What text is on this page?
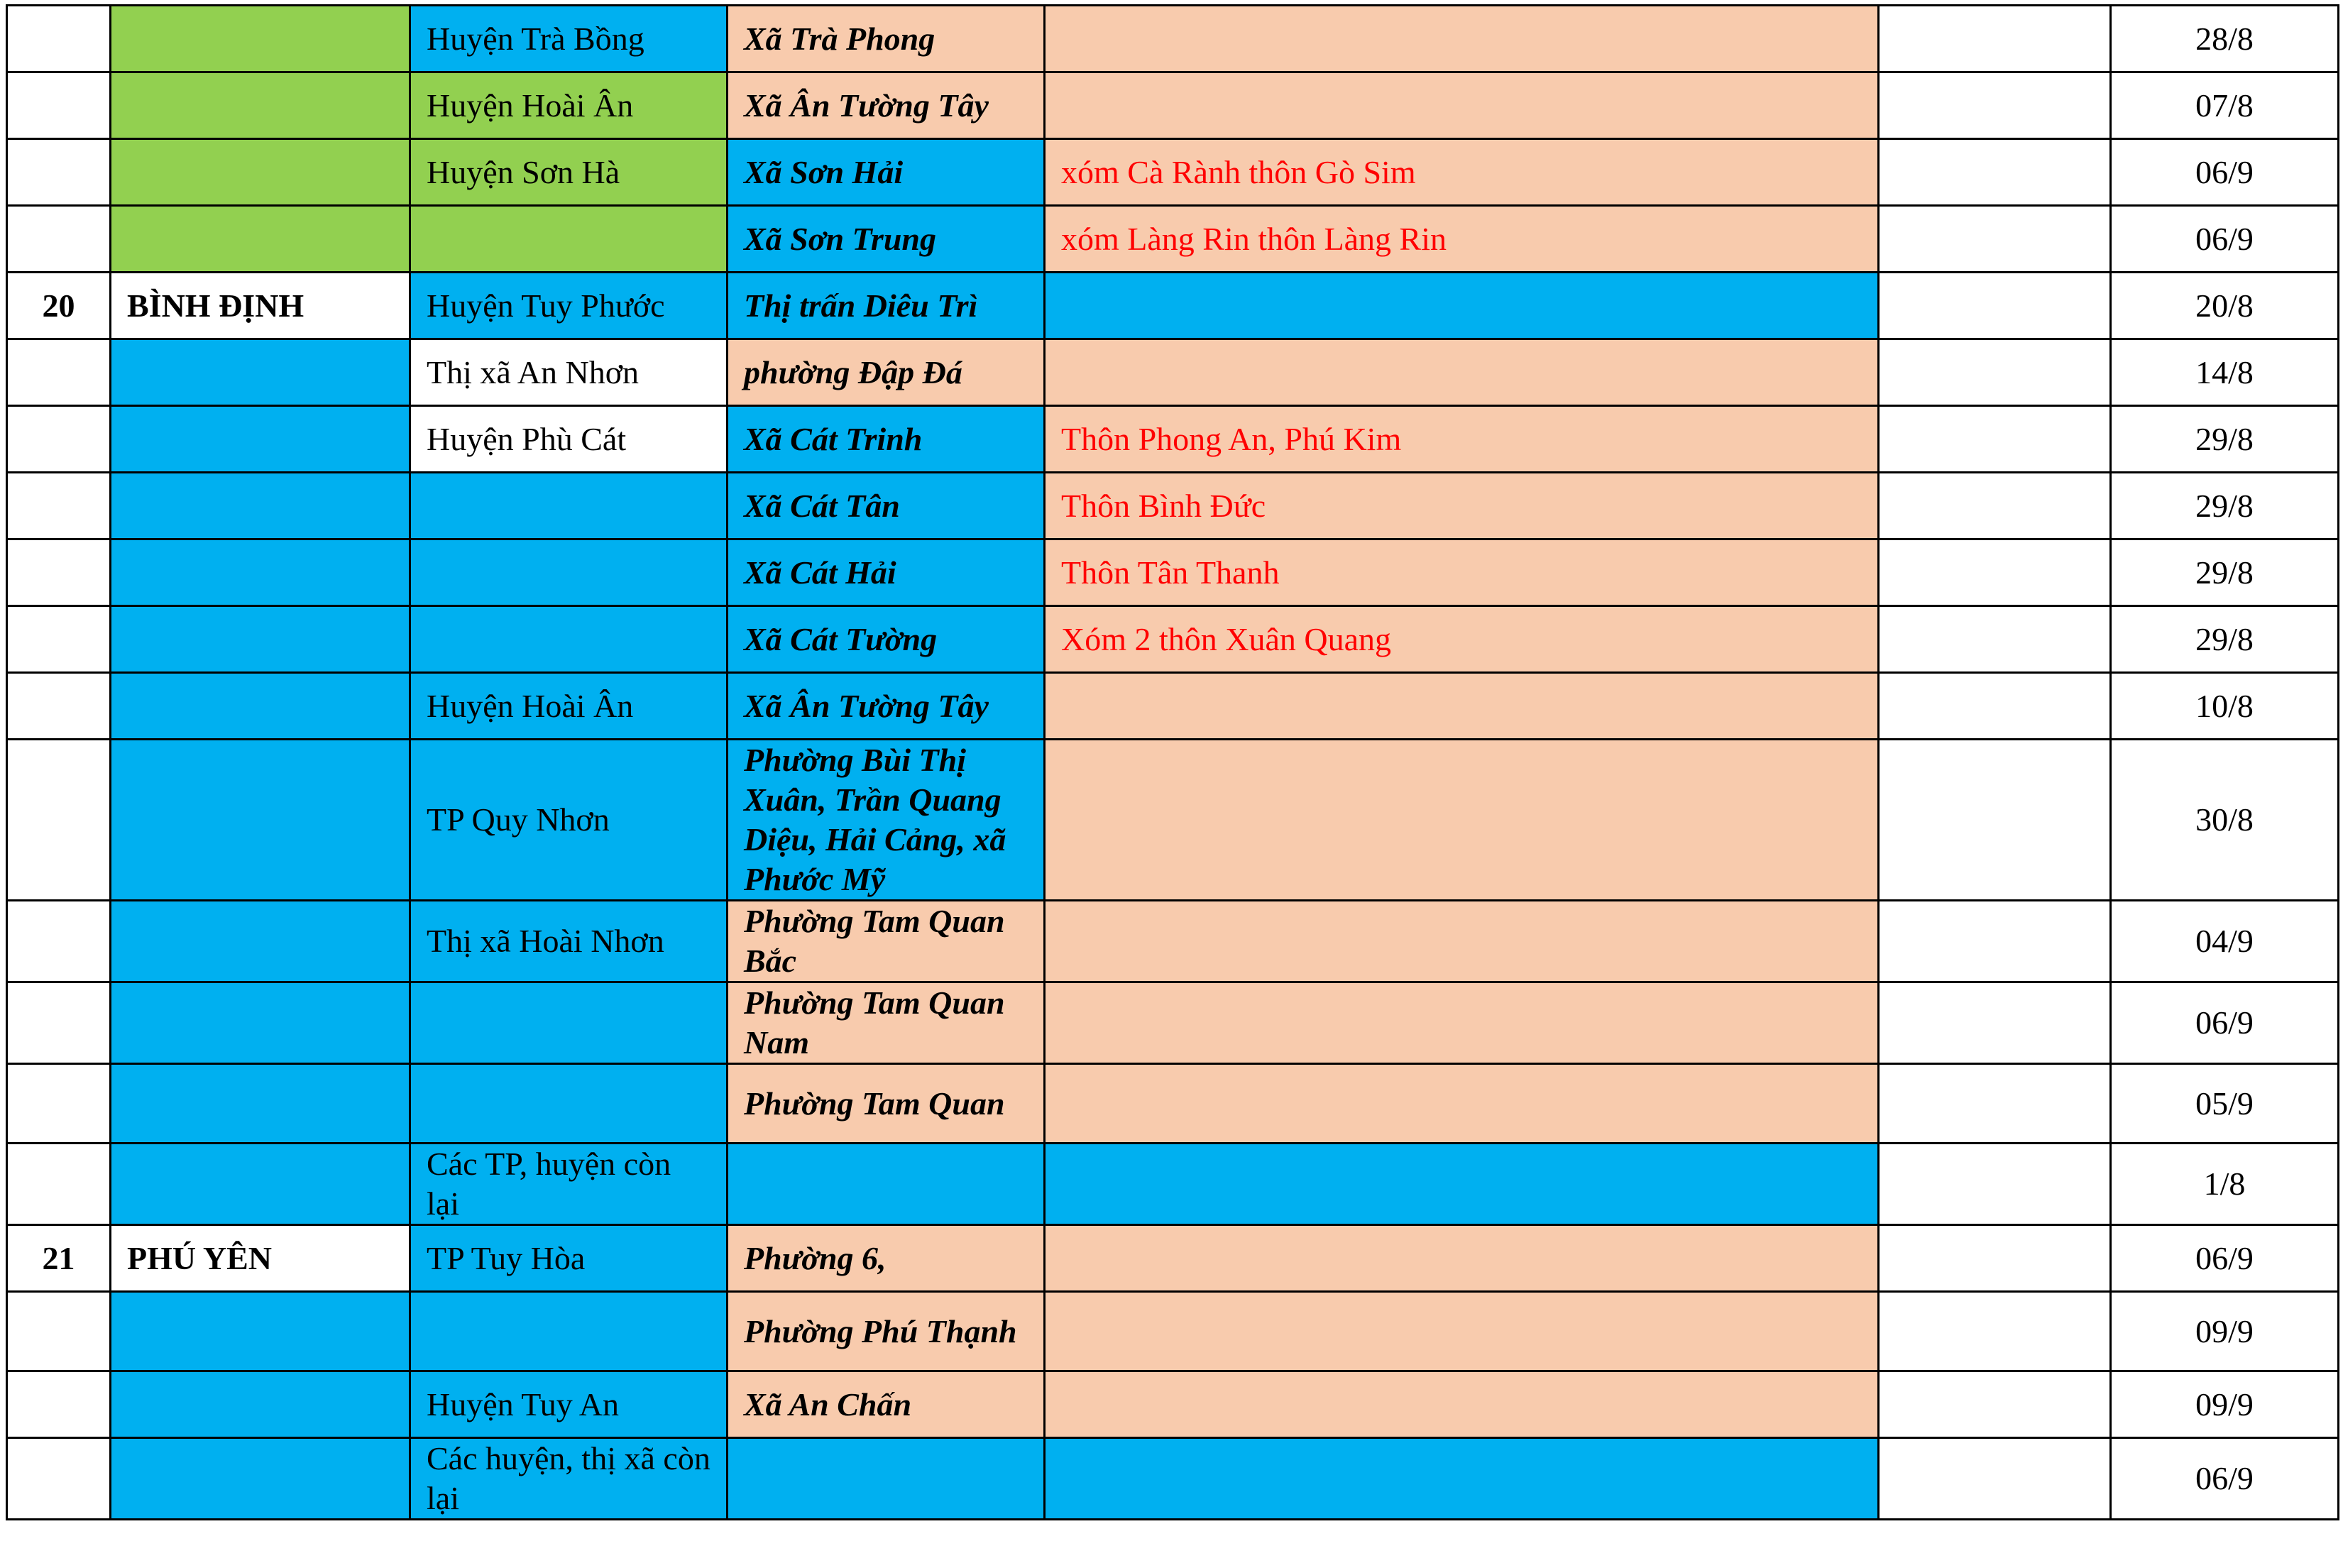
		Huyện Trà Bồng	Xã Trà Phong			28/8
		Huyện Hoài Ân	Xã Ân Tường Tây			07/8
		Huyện Sơn Hà	Xã Sơn Hải	xóm Cà Rành thôn Gò Sim		06/9
			Xã Sơn Trung	xóm Làng Rin thôn Làng Rin		06/9
20	BÌNH ĐỊNH	Huyện Tuy Phước	Thị trấn Diêu Trì			20/8
		Thị xã An Nhơn	phường Đập Đá			14/8
		Huyện Phù Cát	Xã Cát Trinh	Thôn Phong An, Phú Kim		29/8
			Xã Cát Tân	Thôn Bình Đức		29/8
			Xã Cát Hải	Thôn Tân Thanh		29/8
			Xã Cát Tường	Xóm 2 thôn Xuân Quang		29/8
		Huyện Hoài Ân	Xã Ân Tường Tây			10/8
		TP Quy Nhơn	Phường Bùi Thị Xuân, Trần Quang Diệu, Hải Cảng, xã Phước Mỹ			30/8
		Thị xã Hoài Nhơn	Phường Tam Quan Bắc			04/9
			Phường Tam Quan Nam			06/9
			Phường Tam Quan			05/9
		Các TP, huyện còn lại				1/8
21	PHÚ YÊN	TP Tuy Hòa	Phường 6,			06/9
			Phường Phú Thạnh			09/9
		Huyện Tuy An	Xã An Chấn			09/9
		Các huyện, thị xã còn lại				06/9
